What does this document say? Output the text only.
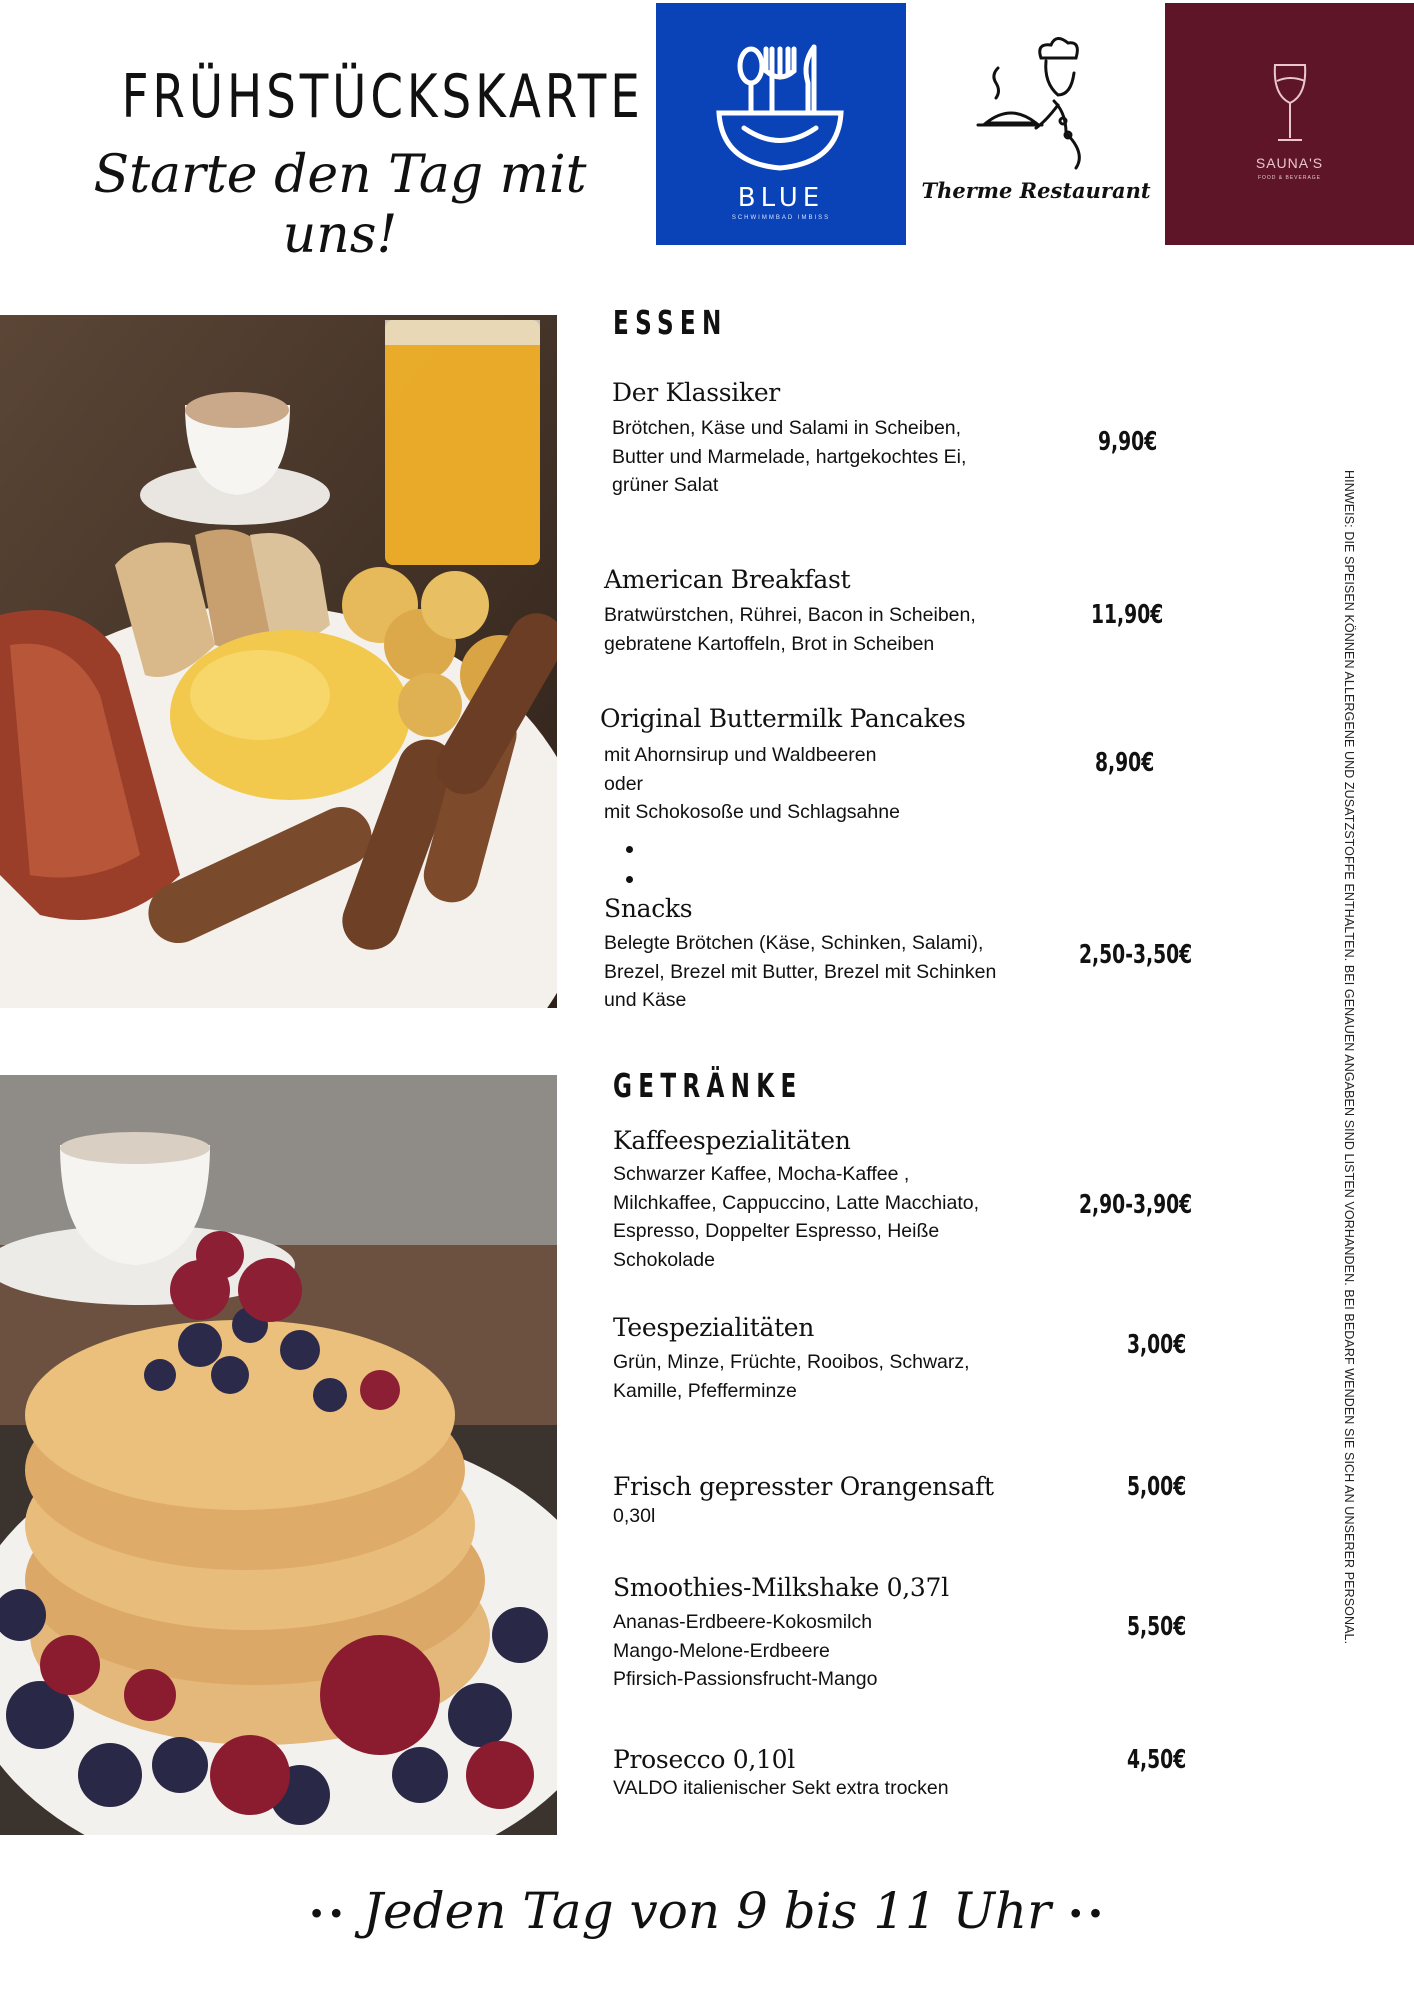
FRÜHSTÜCKSKARTE
Starte den Tag mit uns!
BLUE
SCHWIMMBAD IMBISS
Therme Restaurant
SAUNA'S
FOOD & BEVERAGE
ESSEN
Der Klassiker
Brötchen, Käse und Salami in Scheiben,
Butter und Marmelade, hartgekochtes Ei,
grüner Salat
9,90€
American Breakfast
Bratwürstchen, Rührei, Bacon in Scheiben,
gebratene Kartoffeln, Brot in Scheiben
11,90€
Original Buttermilk Pancakes
mit Ahornsirup und Waldbeeren
oder
mit Schokosoße und Schlagsahne
8,90€
Snacks
Belegte Brötchen (Käse, Schinken, Salami),
Brezel, Brezel mit Butter, Brezel mit Schinken
und Käse
2,50-3,50€
GETRÄNKE
Kaffeespezialitäten
Schwarzer Kaffee, Mocha-Kaffee ,
Milchkaffee, Cappuccino, Latte Macchiato,
Espresso, Doppelter Espresso, Heiße
Schokolade
2,90-3,90€
Teespezialitäten
Grün, Minze, Früchte, Rooibos, Schwarz,
Kamille, Pfefferminze
3,00€
Frisch gepresster Orangensaft
0,30l
5,00€
Smoothies-Milkshake 0,37l
Ananas-Erdbeere-Kokosmilch
Mango-Melone-Erdbeere
Pfirsich-Passionsfrucht-Mango
5,50€
Prosecco 0,10l
VALDO italienischer Sekt extra trocken
4,50€
HINWEIS: DIE SPEISEN KÖNNEN ALLERGENE UND ZUSATZSTOFFE ENTHALTEN. BEI GENAUEN ANGABEN SIND LISTEN VORHANDEN. BEI BEDARF WENDEN SIE SICH AN UNSERER PERSONAL.
•• Jeden Tag von 9 bis 11 Uhr ••
